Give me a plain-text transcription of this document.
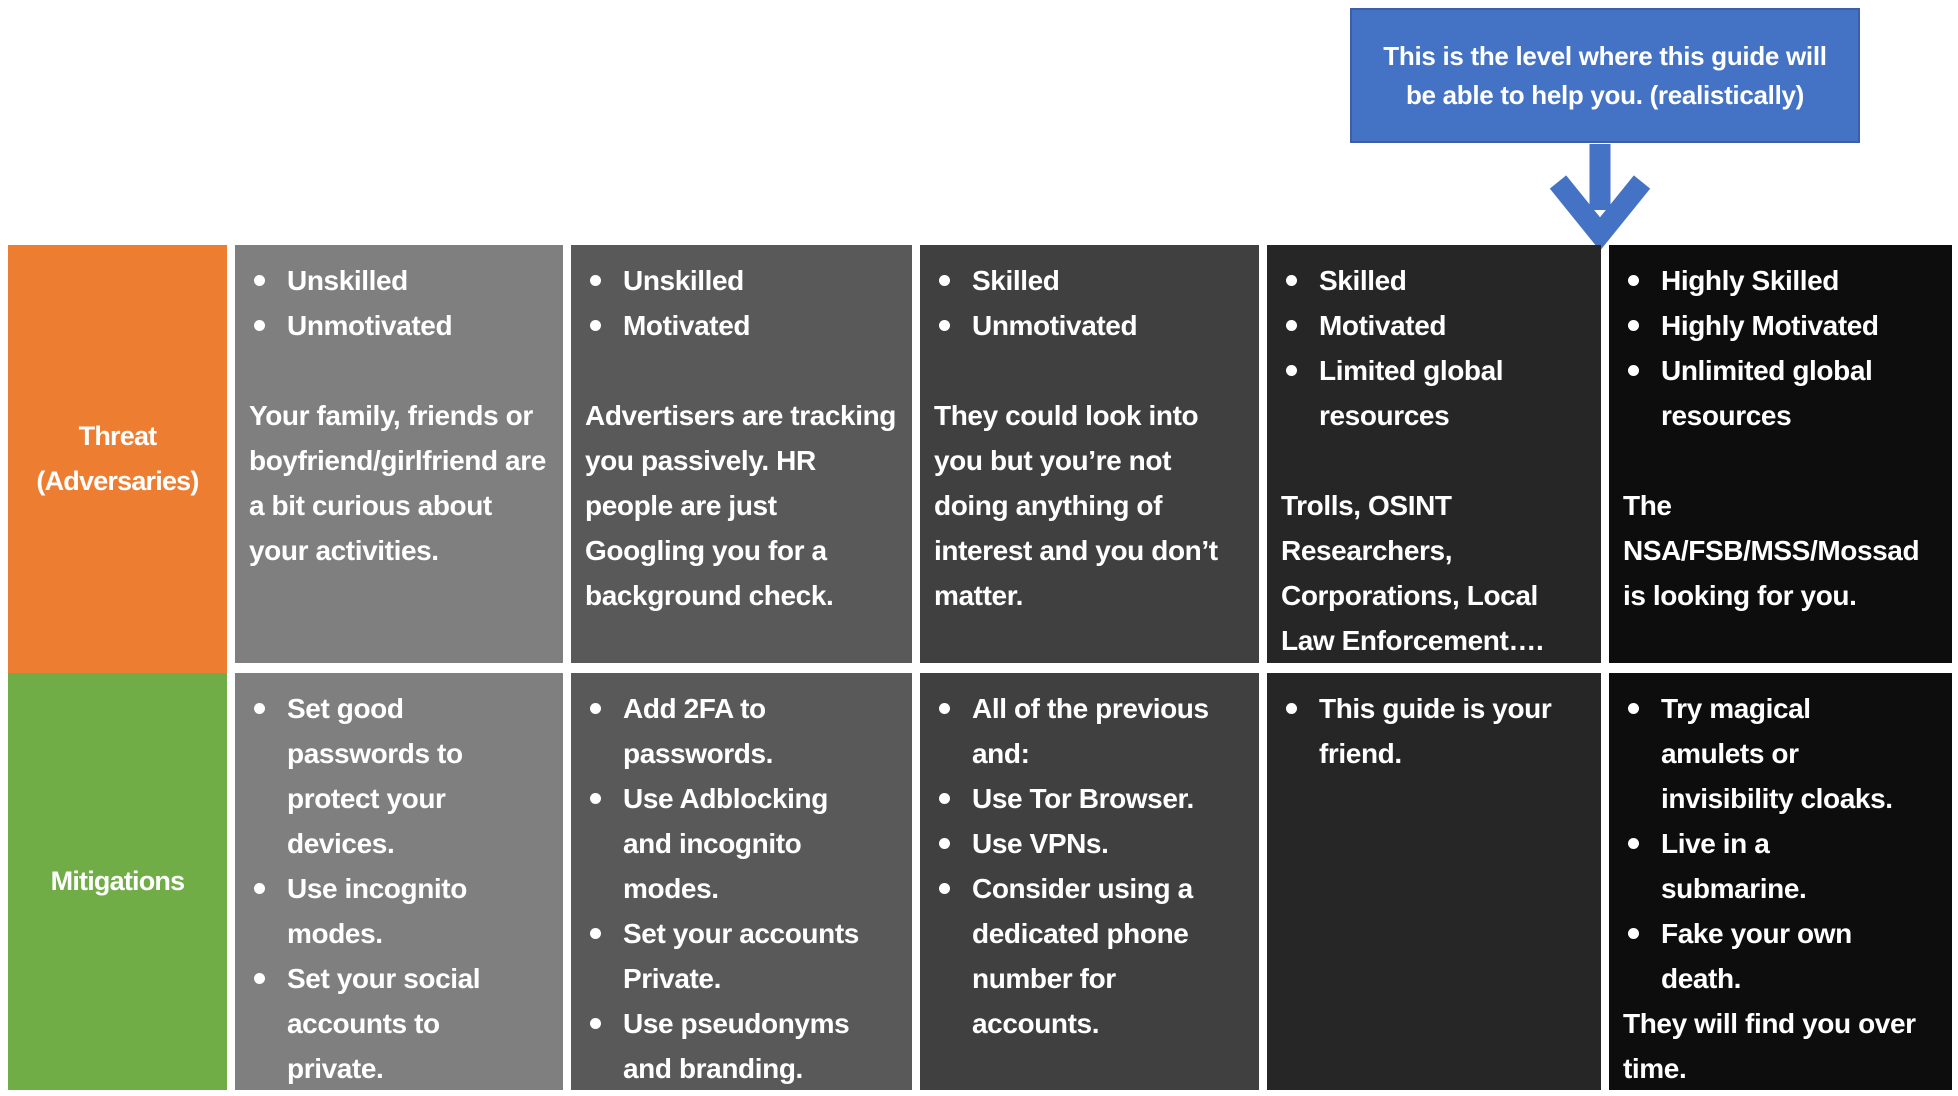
This is the level where this guide will be able to help you. (realistically)
Threat
(Adversaries)
Unskilled
Unmotivated
Your family, friends or boyfriend/girlfriend are a bit curious about your activities.
Unskilled
Motivated
Advertisers are tracking you passively. HR people are just Googling you for a background check.
Skilled
Unmotivated
They could look into you but you’re not doing anything of interest and you don’t matter.
Skilled
Motivated
Limited global resources
Trolls, OSINT Researchers, Corporations, Local Law Enforcement….
Highly Skilled
Highly Motivated
Unlimited global resources
The NSA/FSB/MSS/Mossad is looking for you.
Mitigations
Set good passwords to protect your devices.
Use incognito modes.
Set your social accounts to private.
Add 2FA to passwords.
Use Adblocking and incognito modes.
Set your accounts Private.
Use pseudonyms and branding.
All of the previous and:
Use Tor Browser.
Use VPNs.
Consider using a dedicated phone number for accounts.
This guide is your friend.
Try magical amulets or invisibility cloaks.
Live in a submarine.
Fake your own death.
They will find you over time.
